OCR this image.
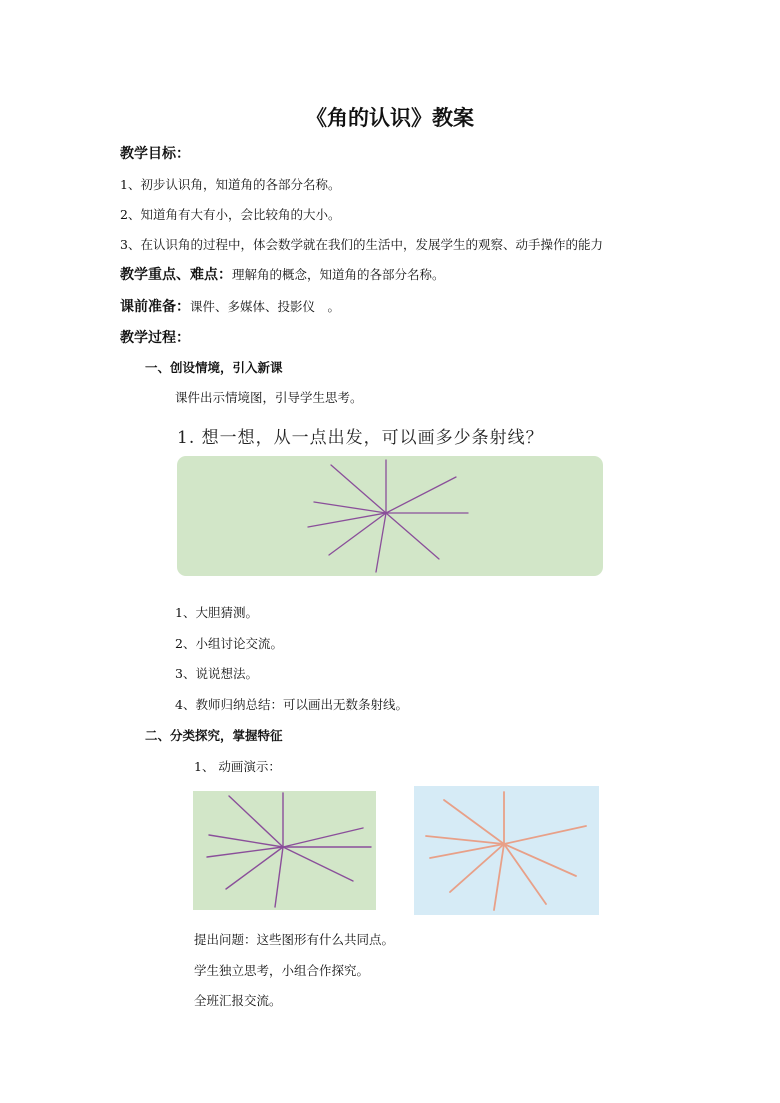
《角的认识》教案
教学目标：
1、初步认识角，知道角的各部分名称。
2、知道角有大有小，会比较角的大小。
3、在认识角的过程中，体会数学就在我们的生活中，发展学生的观察、动手操作的能力
教学重点、难点：理解角的概念，知道角的各部分名称。
课前准备：课件、多媒体、投影仪　。
教学过程：
一、创设情境，引入新课
课件出示情境图，引导学生思考。
1. 想一想，从一点出发，可以画多少条射线？
1、大胆猜测。
2、小组讨论交流。
3、说说想法。
4、教师归纳总结：可以画出无数条射线。
二、分类探究，掌握特征
1、 动画演示：
提出问题：这些图形有什么共同点。
学生独立思考，小组合作探究。
全班汇报交流。
